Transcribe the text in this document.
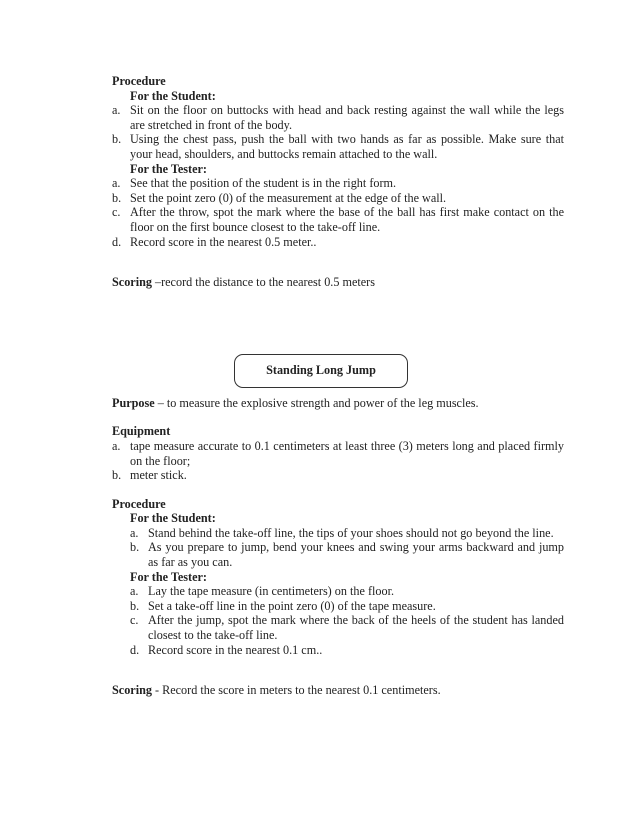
Procedure
For the Student:
a. Sit on the floor on buttocks with head and back resting against the wall while the legs are stretched in front of the body.
b. Using the chest pass, push the ball with two hands as far as possible. Make sure that your head, shoulders, and buttocks remain attached to the wall.
For the Tester:
a. See that the position of the student is in the right form.
b. Set the point zero (0) of the measurement at the edge of the wall.
c. After the throw, spot the mark where the base of the ball has first make contact on the floor on the first bounce closest to the take-off line.
d. Record score in the nearest 0.5 meter..
Scoring –record the distance to the nearest 0.5 meters
Standing Long Jump
Purpose – to measure the explosive strength and power of the leg muscles.
Equipment
a. tape measure accurate to 0.1 centimeters at least three (3) meters long and placed firmly on the floor;
b. meter stick.
Procedure
For the Student:
a. Stand behind the take-off line, the tips of your shoes should not go beyond the line.
b. As you prepare to jump, bend your knees and swing your arms backward and jump as far as you can.
For the Tester:
a. Lay the tape measure (in centimeters) on the floor.
b. Set a take-off line in the point zero (0) of the tape measure.
c. After the jump, spot the mark where the back of the heels of the student has landed closest to the take-off line.
d. Record score in the nearest 0.1 cm..
Scoring - Record the score in meters to the nearest 0.1 centimeters.
